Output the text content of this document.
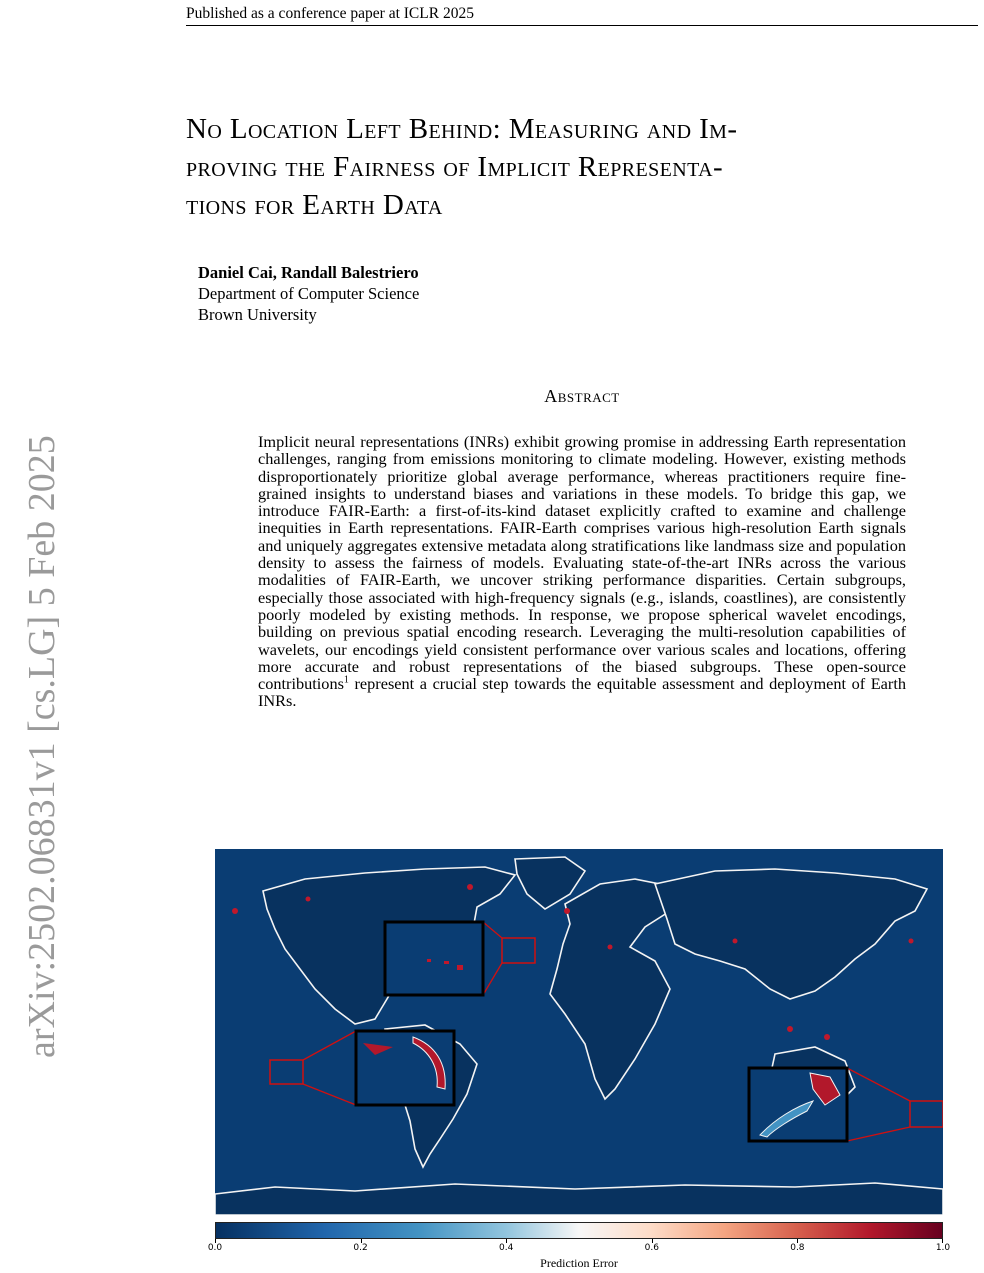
Published as a conference paper at ICLR 2025
No Location Left Behind: Measuring and Im-
proving the Fairness of Implicit Representa-
tions for Earth Data
Daniel Cai, Randall Balestriero
Department of Computer Science
Brown University
arXiv:2502.06831v1 [cs.LG] 5 Feb 2025
Abstract
Implicit neural representations (INRs) exhibit growing promise in addressing Earth representation challenges, ranging from emissions monitoring to climate modeling. However, existing methods disproportionately prioritize global average performance, whereas practitioners require fine-grained insights to understand biases and variations in these models. To bridge this gap, we introduce FAIR-Earth: a first-of-its-kind dataset explicitly crafted to examine and challenge inequities in Earth representations. FAIR-Earth comprises various high-resolution Earth signals and uniquely aggregates extensive metadata along stratifications like landmass size and population density to assess the fairness of models. Evaluating state-of-the-art INRs across the various modalities of FAIR-Earth, we uncover striking performance disparities. Certain subgroups, especially those associated with high-frequency signals (e.g., islands, coastlines), are consistently poorly modeled by existing methods. In response, we propose spherical wavelet encodings, building on previous spatial encoding research. Leveraging the multi-resolution capabilities of wavelets, our encodings yield consistent performance over various scales and locations, offering more accurate and robust representations of the biased subgroups. These open-source contributions$^1$ represent a crucial step towards the equitable assessment and deployment of Earth INRs.
0.0	0.2	0.4	0.6	0.8	1.0
Prediction Error
